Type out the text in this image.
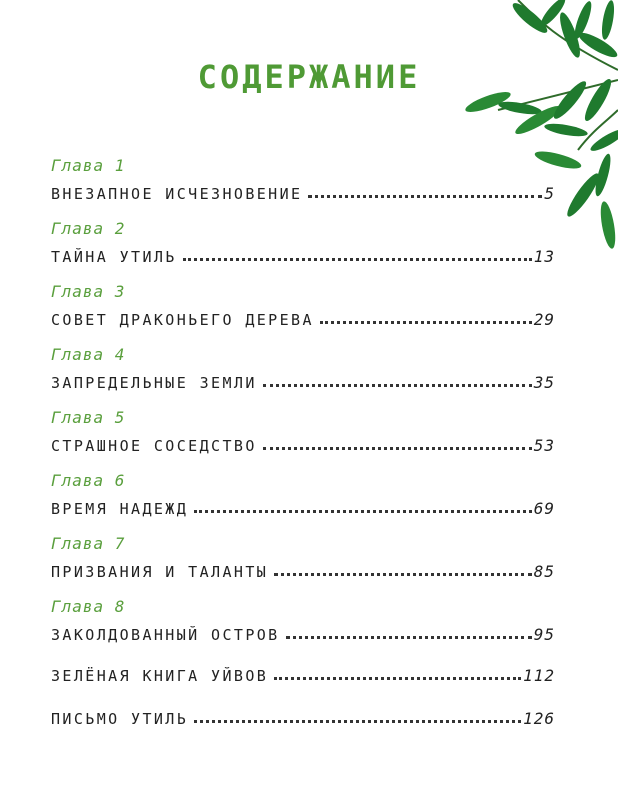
СОДЕРЖАНИЕ
Глава 1
ВНЕЗАПНОЕ ИСЧЕЗНОВЕНИЕ	5
Глава 2
ТАЙНА УТИЛЬ	13
Глава 3
СОВЕТ ДРАКОНЬЕГО ДЕРЕВА	29
Глава 4
ЗАПРЕДЕЛЬНЫЕ ЗЕМЛИ	35
Глава 5
СТРАШНОЕ СОСЕДСТВО	53
Глава 6
ВРЕМЯ НАДЕЖД	69
Глава 7
ПРИЗВАНИЯ И ТАЛАНТЫ	85
Глава 8
ЗАКОЛДОВАННЫЙ ОСТРОВ	95
ЗЕЛЁНАЯ КНИГА УЙВОВ	112
ПИСЬМО УТИЛЬ	126
